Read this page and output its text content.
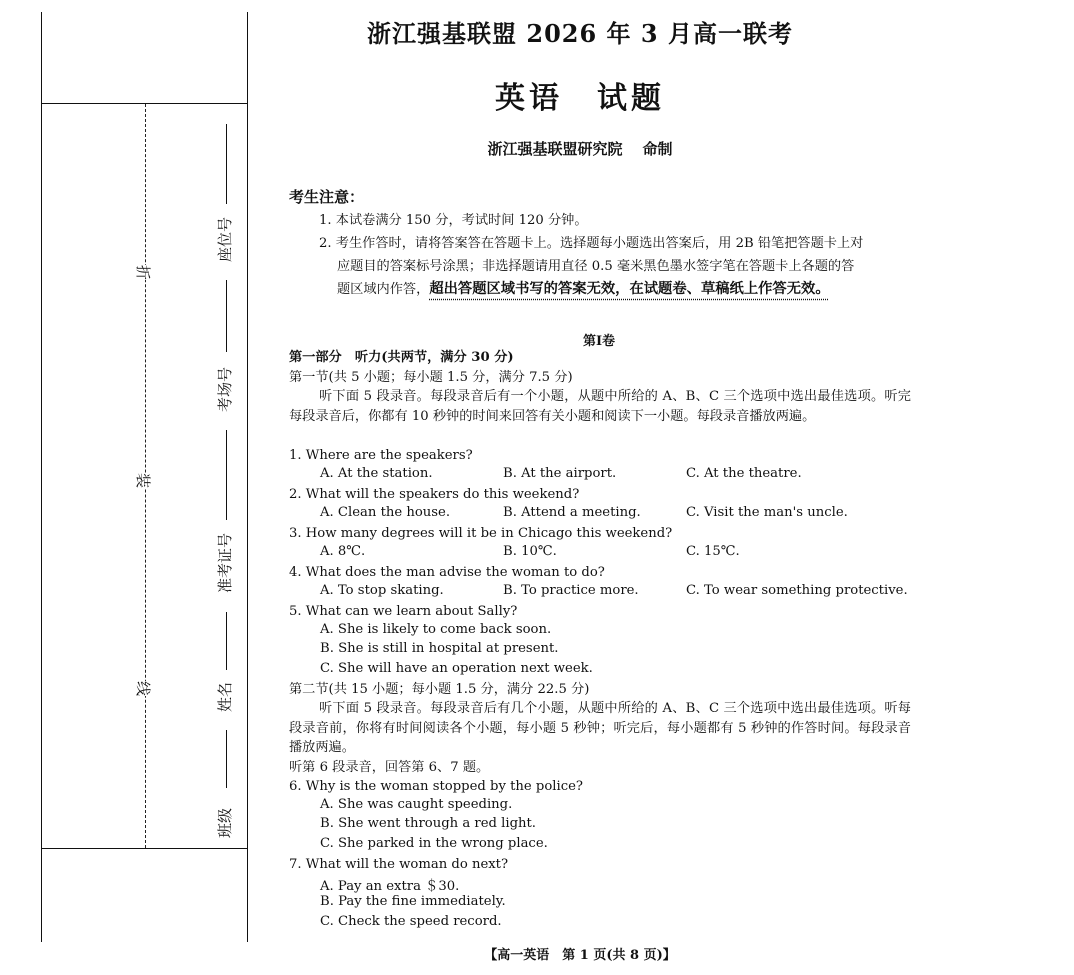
折
装
线
座位号
考场号
准考证号
姓名
班级
浙江强基联盟 2026 年 3 月高一联考
英语 试题
浙江强基联盟研究院 命制
考生注意：
1. 本试卷满分 150 分，考试时间 120 分钟。
2. 考生作答时，请将答案答在答题卡上。选择题每小题选出答案后，用 2B 铅笔把答题卡上对
应题目的答案标号涂黑；非选择题请用直径 0.5 毫米黑色墨水签字笔在答题卡上各题的答
题区域内作答，超出答题区域书写的答案无效，在试题卷、草稿纸上作答无效。
第Ⅰ卷
第一部分　听力(共两节，满分 30 分)
第一节(共 5 小题；每小题 1.5 分，满分 7.5 分)
听下面 5 段录音。每段录音后有一个小题，从题中所给的 A、B、C 三个选项中选出最佳选项。听完每段录音后，你都有 10 秒钟的时间来回答有关小题和阅读下一小题。每段录音播放两遍。
1. Where are the speakers?
A. At the station.	B. At the airport.	C. At the theatre.
2. What will the speakers do this weekend?
A. Clean the house.	B. Attend a meeting.	C. Visit the man's uncle.
3. How many degrees will it be in Chicago this weekend?
A. 8℃.	B. 10℃.	C. 15℃.
4. What does the man advise the woman to do?
A. To stop skating.	B. To practice more.	C. To wear something protective.
5. What can we learn about Sally?
A. She is likely to come back soon.
B. She is still in hospital at present.
C. She will have an operation next week.
第二节(共 15 小题；每小题 1.5 分，满分 22.5 分)
听下面 5 段录音。每段录音后有几个小题，从题中所给的 A、B、C 三个选项中选出最佳选项。听每段录音前，你将有时间阅读各个小题，每小题 5 秒钟；听完后，每小题都有 5 秒钟的作答时间。每段录音播放两遍。
听第 6 段录音，回答第 6、7 题。
6. Why is the woman stopped by the police?
A. She was caught speeding.
B. She went through a red light.
C. She parked in the wrong place.
7. What will the woman do next?
A. Pay an extra ＄30.
B. Pay the fine immediately.
C. Check the speed record.
【高一英语　第 1 页(共 8 页)】
